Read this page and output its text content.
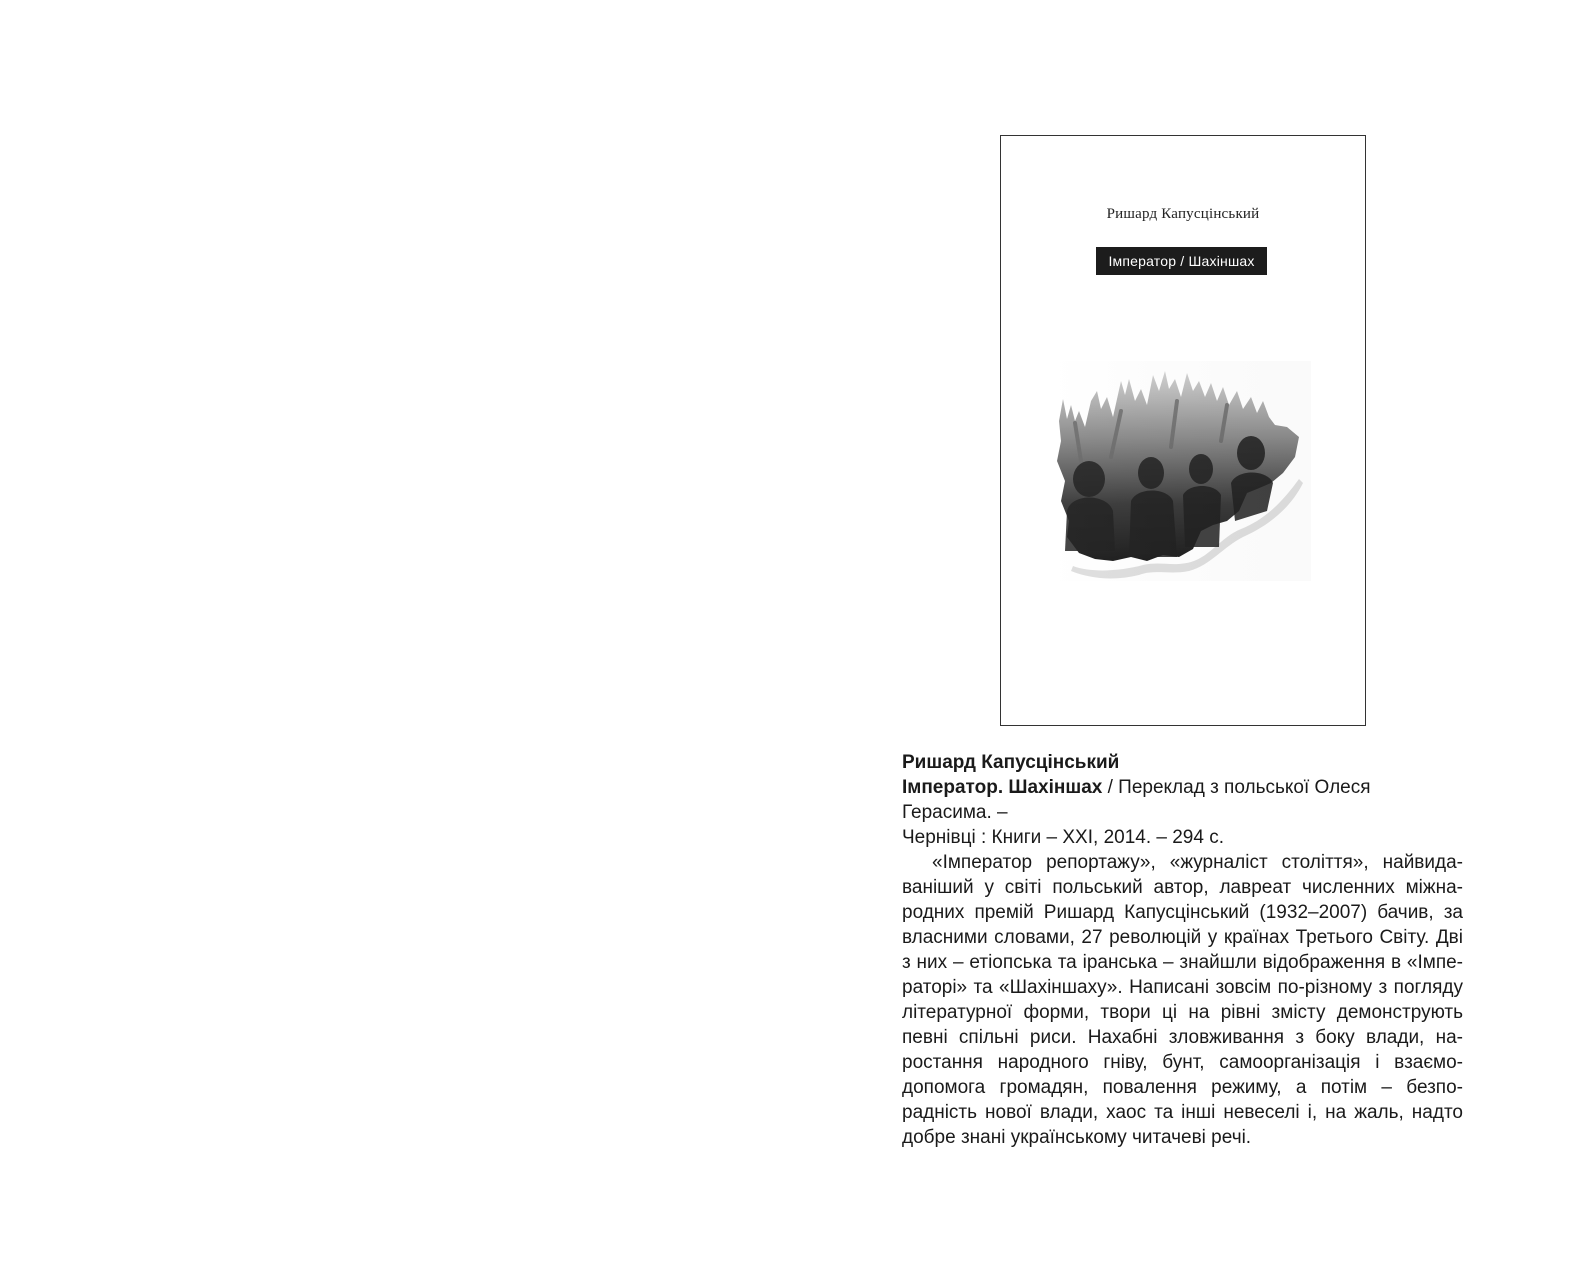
Ришард Капусцінський
Імператор / Шахіншах

Ришард Капусцінський

Імператор. Шахіншах / Переклад з польської Олеся Герасима. –
Чернівці : Книги – ХХІ, 2014. – 294 с.

«Імператор репортажу», «журналіст століття», найвидаваніший у світі польський автор, лавреат численних міжнародних премій Ришард Капусцінський (1932–2007) бачив, за власними словами, 27 революцій у країнах Третього Світу. Дві з них – етіопська та іранська – знайшли відображення в «Імператорі» та «Шахіншаху». Написані зовсім по-різному з погляду літературної форми, твори ці на рівні змісту демонструють певні спільні риси. Нахабні зловживання з боку влади, наростання народного гніву, бунт, самоорганізація і взаємодопомога громадян, повалення режиму, а потім – безпорадність нової влади, хаос та інші невеселі і, на жаль, надто добре знані українському читачеві речі.
